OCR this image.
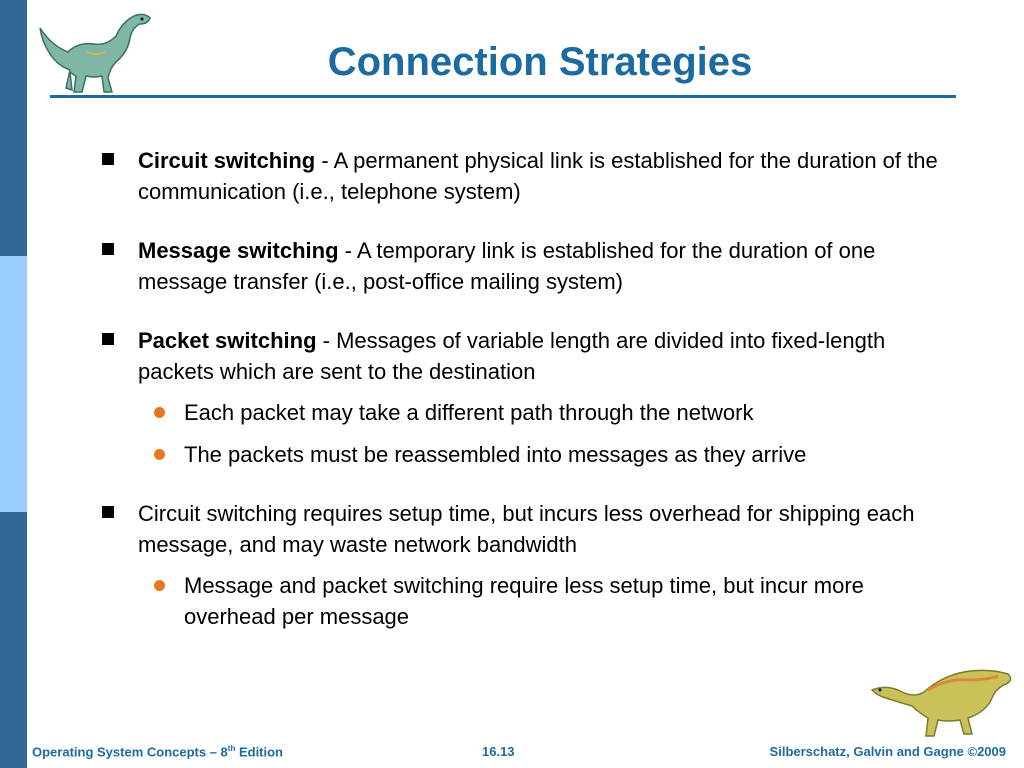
Connection Strategies
Circuit switching - A permanent physical link is established for the duration of the communication (i.e., telephone system)
Message switching - A temporary link is established for the duration of one message transfer (i.e., post-office mailing system)
Packet switching - Messages of variable length are divided into fixed-length packets which are sent to the destination
Each packet may take a different path through the network
The packets must be reassembled into messages as they arrive
Circuit switching requires setup time, but incurs less overhead for shipping each message, and may waste network bandwidth
Message and packet switching require less setup time, but incur more overhead per message
Operating System Concepts – 8th Edition	16.13	Silberschatz, Galvin and Gagne ©2009
